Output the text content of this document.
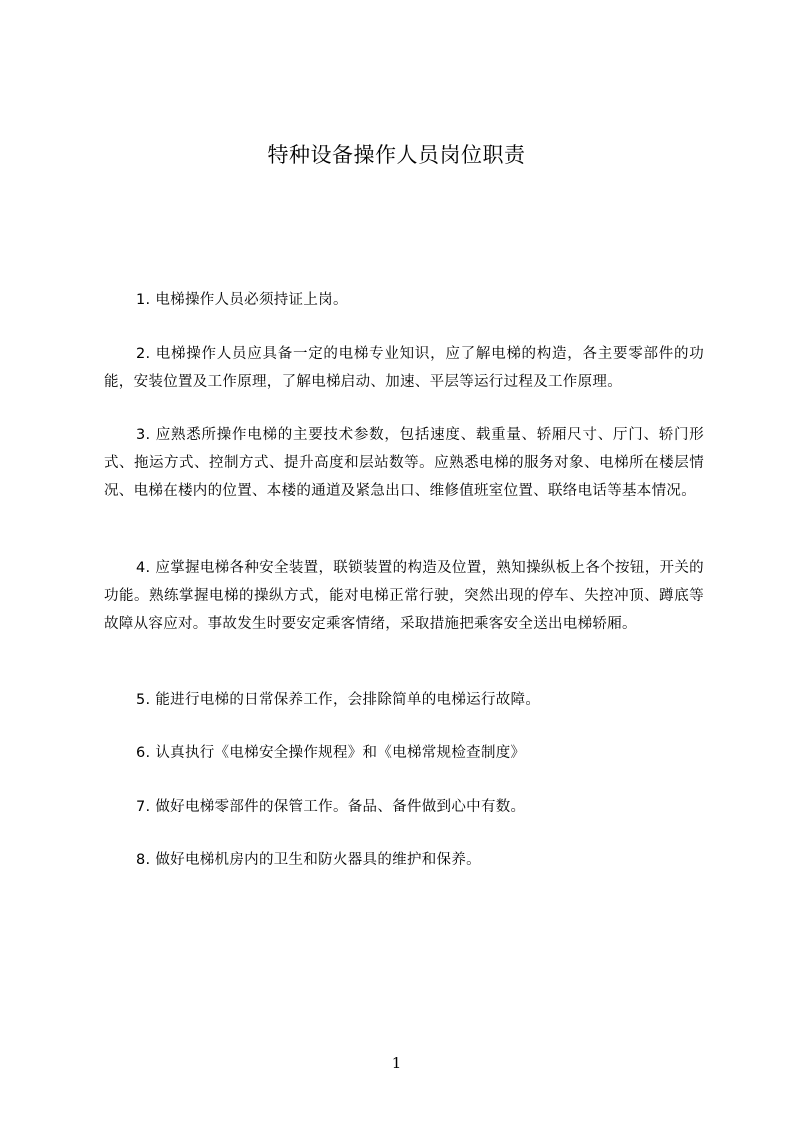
特种设备操作人员岗位职责

1. 电梯操作人员必须持证上岗。

2. 电梯操作人员应具备一定的电梯专业知识，应了解电梯的构造，各主要零部件的功能，安装位置及工作原理，了解电梯启动、加速、平层等运行过程及工作原理。

3. 应熟悉所操作电梯的主要技术参数，包括速度、载重量、轿厢尺寸、厅门、轿门形式、拖运方式、控制方式、提升高度和层站数等。应熟悉电梯的服务对象、电梯所在楼层情况、电梯在楼内的位置、本楼的通道及紧急出口、维修值班室位置、联络电话等基本情况。

4. 应掌握电梯各种安全装置，联锁装置的构造及位置，熟知操纵板上各个按钮，开关的功能。熟练掌握电梯的操纵方式，能对电梯正常行驶，突然出现的停车、失控冲顶、蹲底等故障从容应对。事故发生时要安定乘客情绪，采取措施把乘客安全送出电梯轿厢。

5. 能进行电梯的日常保养工作，会排除简单的电梯运行故障。

6. 认真执行《电梯安全操作规程》和《电梯常规检查制度》

7. 做好电梯零部件的保管工作。备品、备件做到心中有数。

8. 做好电梯机房内的卫生和防火器具的维护和保养。

1
